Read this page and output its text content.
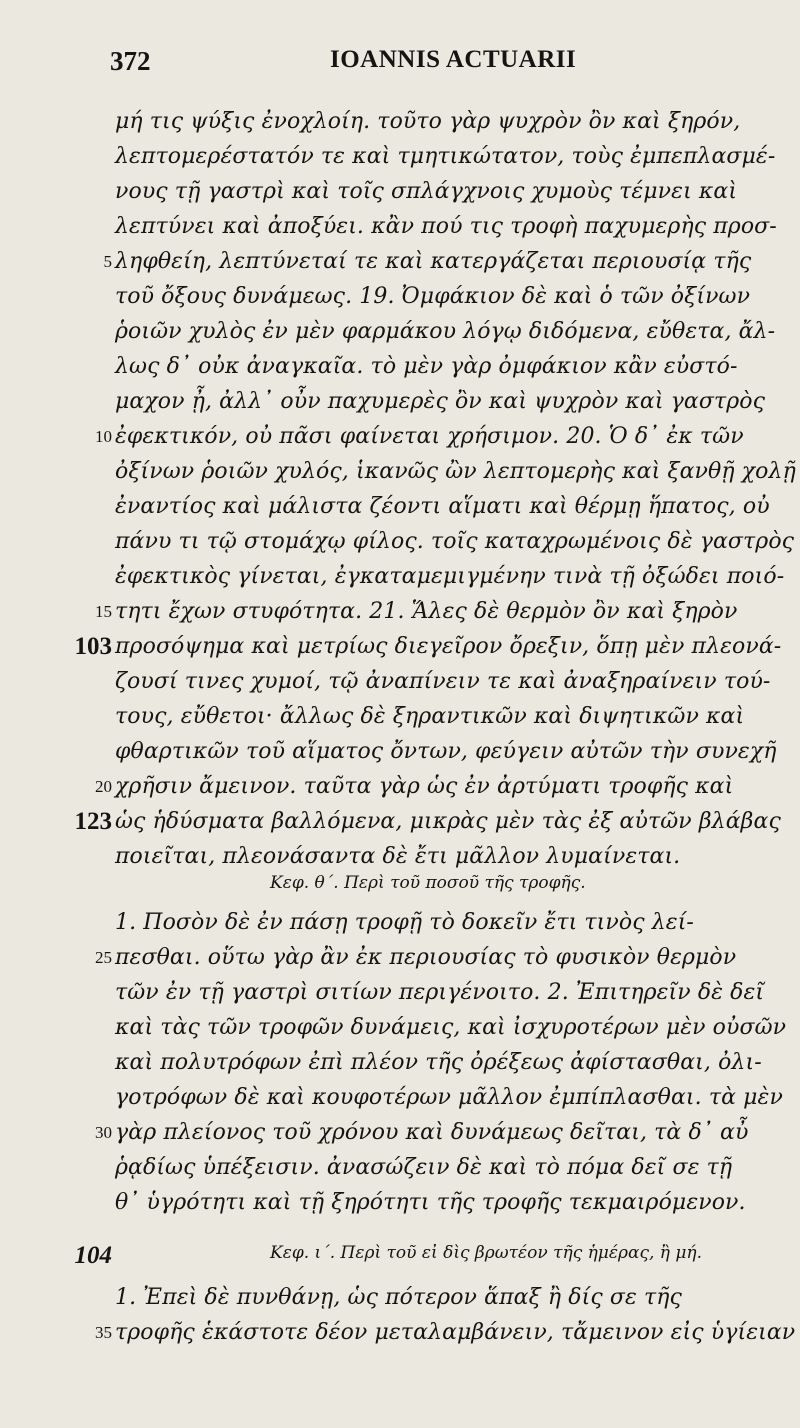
372	IOANNIS ACTUARII
μή τις ψύξις ἐνοχλοίη. τοῦτο γὰρ ψυχρὸν ὂν καὶ ξηρόν,
λεπτομερέστατόν τε καὶ τμητικώτατον, τοὺς ἐμπεπλασμέ-
νους τῇ γαστρὶ καὶ τοῖς σπλάγχνοις χυμοὺς τέμνει καὶ
λεπτύνει καὶ ἀποξύει. κἂν πού τις τροφὴ παχυμερὴς προσ-
5 ληφθείη, λεπτύνεταί τε καὶ κατεργάζεται περιουσίᾳ τῆς
τοῦ ὄξους δυνάμεως. 19. Ὀμφάκιον δὲ καὶ ὁ τῶν ὀξίνων
ῥοιῶν χυλὸς ἐν μὲν φαρμάκου λόγῳ διδόμενα, εὔθετα, ἄλ-
λως δ᾽ οὐκ ἀναγκαῖα. τὸ μὲν γὰρ ὀμφάκιον κἂν εὐστό-
μαχον ᾖ, ἀλλ᾽ οὖν παχυμερὲς ὂν καὶ ψυχρὸν καὶ γαστρὸς
10 ἐφεκτικόν, οὐ πᾶσι φαίνεται χρήσιμον. 20. Ὁ δ᾽ ἐκ τῶν
ὀξίνων ῥοιῶν χυλός, ἱκανῶς ὢν λεπτομερὴς καὶ ξανθῇ χολῇ
ἐναντίος καὶ μάλιστα ζέοντι αἵματι καὶ θέρμῃ ἥπατος, οὐ
πάνυ τι τῷ στομάχῳ φίλος. τοῖς καταχρωμένοις δὲ γαστρὸς
ἐφεκτικὸς γίνεται, ἐγκαταμεμιγμένην τινὰ τῇ ὀξώδει ποιό-
15 τητι ἔχων στυφότητα. 21. Ἅλες δὲ θερμὸν ὂν καὶ ξηρὸν
103 προσόψημα καὶ μετρίως διεγεῖρον ὄρεξιν, ὅπῃ μὲν πλεονά-
ζουσί τινες χυμοί, τῷ ἀναπίνειν τε καὶ ἀναξηραίνειν τού-
τους, εὔθετοι· ἄλλως δὲ ξηραντικῶν καὶ διψητικῶν καὶ
φθαρτικῶν τοῦ αἵματος ὄντων, φεύγειν αὐτῶν τὴν συνεχῆ
20 χρῆσιν ἄμεινον. ταῦτα γὰρ ὡς ἐν ἀρτύματι τροφῆς καὶ
123 ὡς ἡδύσματα βαλλόμενα, μικρὰς μὲν τὰς ἐξ αὐτῶν βλάβας
ποιεῖται, πλεονάσαντα δὲ ἔτι μᾶλλον λυμαίνεται.
Κεφ. θ΄. Περὶ τοῦ ποσοῦ τῆς τροφῆς.
1. Ποσὸν δὲ ἐν πάσῃ τροφῇ τὸ δοκεῖν ἔτι τινὸς λεί-
25 πεσθαι. οὕτω γὰρ ἂν ἐκ περιουσίας τὸ φυσικὸν θερμὸν
τῶν ἐν τῇ γαστρὶ σιτίων περιγένοιτο. 2. Ἐπιτηρεῖν δὲ δεῖ
καὶ τὰς τῶν τροφῶν δυνάμεις, καὶ ἰσχυροτέρων μὲν οὐσῶν
καὶ πολυτρόφων ἐπὶ πλέον τῆς ὀρέξεως ἀφίστασθαι, ὀλι-
γοτρόφων δὲ καὶ κουφοτέρων μᾶλλον ἐμπίπλασθαι. τὰ μὲν
30 γὰρ πλείονος τοῦ χρόνου καὶ δυνάμεως δεῖται, τὰ δ᾽ αὖ
ῥᾳδίως ὑπέξεισιν. ἀνασώζειν δὲ καὶ τὸ πόμα δεῖ σε τῇ
θ᾽ ὑγρότητι καὶ τῇ ξηρότητι τῆς τροφῆς τεκμαιρόμενον.
104	Κεφ. ι΄. Περὶ τοῦ εἰ δὶς βρωτέον τῆς ἡμέρας, ἢ μή.
1. Ἐπεὶ δὲ πυνθάνῃ, ὡς πότερον ἅπαξ ἢ δίς σε τῆς
35 τροφῆς ἑκάστοτε δέον μεταλαμβάνειν, τἄμεινον εἰς ὑγίειαν
